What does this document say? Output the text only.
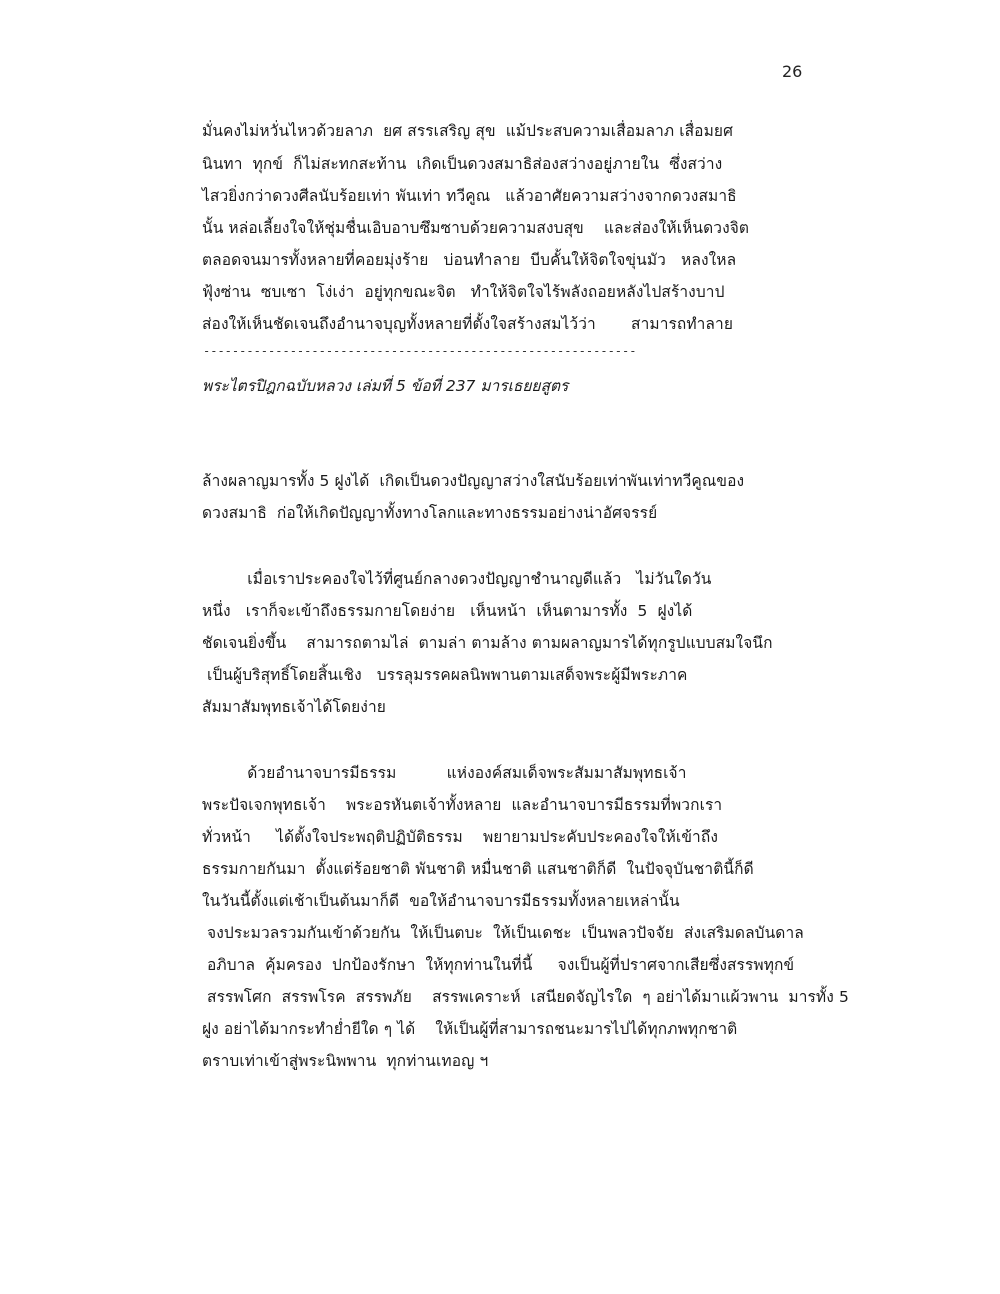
26
มั่นคงไม่หวั่นไหวด้วยลาภ  ยศ สรรเสริญ สุข  แม้ประสบความเสื่อมลาภ เสื่อมยศ
นินทา  ทุกข์  ก็ไม่สะทกสะท้าน  เกิดเป็นดวงสมาธิส่องสว่างอยู่ภายใน  ซึ่งสว่าง
ไสวยิ่งกว่าดวงศีลนับร้อยเท่า พันเท่า ทวีคูณ   แล้วอาศัยความสว่างจากดวงสมาธิ
นั้น หล่อเลี้ยงใจให้ชุ่มชื่นเอิบอาบซึมซาบด้วยความสงบสุข    และส่องให้เห็นดวงจิต
ตลอดจนมารทั้งหลายที่คอยมุ่งร้าย   บ่อนทำลาย  บีบคั้นให้จิตใจขุ่นมัว   หลงใหล
ฟุ้งซ่าน  ซบเซา  โง่เง่า  อยู่ทุกขณะจิต   ทำให้จิตใจไร้พลังถอยหลังไปสร้างบาป
ส่องให้เห็นชัดเจนถึงอำนาจบุญทั้งหลายที่ตั้งใจสร้างสมไว้ว่า       สามารถทำลาย
------------------------------------------------------------
พระไตรปิฎกฉบับหลวง เล่มที่ 5 ข้อที่ 237 มารเธยยสูตร
ล้างผลาญมารทั้ง 5 ฝูงได้  เกิดเป็นดวงปัญญาสว่างใสนับร้อยเท่าพันเท่าทวีคูณของ
ดวงสมาธิ  ก่อให้เกิดปัญญาทั้งทางโลกและทางธรรมอย่างน่าอัศจรรย์
เมื่อเราประคองใจไว้ที่ศูนย์กลางดวงปัญญาชำนาญดีแล้ว   ไม่วันใดวัน
หนึ่ง   เราก็จะเข้าถึงธรรมกายโดยง่าย   เห็นหน้า  เห็นตามารทั้ง  5  ฝูงได้
ชัดเจนยิ่งขึ้น    สามารถตามไล่  ตามล่า ตามล้าง ตามผลาญมารได้ทุกรูปแบบสมใจนึก
เป็นผู้บริสุทธิ์โดยสิ้นเชิง   บรรลุมรรคผลนิพพานตามเสด็จพระผู้มีพระภาค
สัมมาสัมพุทธเจ้าได้โดยง่าย
ด้วยอำนาจบารมีธรรม          แห่งองค์สมเด็จพระสัมมาสัมพุทธเจ้า
พระปัจเจกพุทธเจ้า    พระอรหันตเจ้าทั้งหลาย  และอำนาจบารมีธรรมที่พวกเรา
ทั่วหน้า     ได้ตั้งใจประพฤติปฏิบัติธรรม    พยายามประคับประคองใจให้เข้าถึง
ธรรมกายกันมา  ตั้งแต่ร้อยชาติ พันชาติ หมื่นชาติ แสนชาติก็ดี  ในปัจจุบันชาตินี้ก็ดี
ในวันนี้ตั้งแต่เช้าเป็นต้นมาก็ดี  ขอให้อำนาจบารมีธรรมทั้งหลายเหล่านั้น
จงประมวลรวมกันเข้าด้วยกัน  ให้เป็นตบะ  ให้เป็นเดชะ  เป็นพลวปัจจัย  ส่งเสริมดลบันดาล
อภิบาล  คุ้มครอง  ปกป้องรักษา  ให้ทุกท่านในที่นี้     จงเป็นผู้ที่ปราศจากเสียซึ่งสรรพทุกข์
สรรพโศก  สรรพโรค  สรรพภัย    สรรพเคราะห์  เสนียดจัญไรใด  ๆ อย่าได้มาแผ้วพาน  มารทั้ง 5
ฝูง อย่าได้มากระทำย่ำยีใด ๆ ได้    ให้เป็นผู้ที่สามารถชนะมารไปได้ทุกภพทุกชาติ
ตราบเท่าเข้าสู่พระนิพพาน  ทุกท่านเทอญ ฯ
